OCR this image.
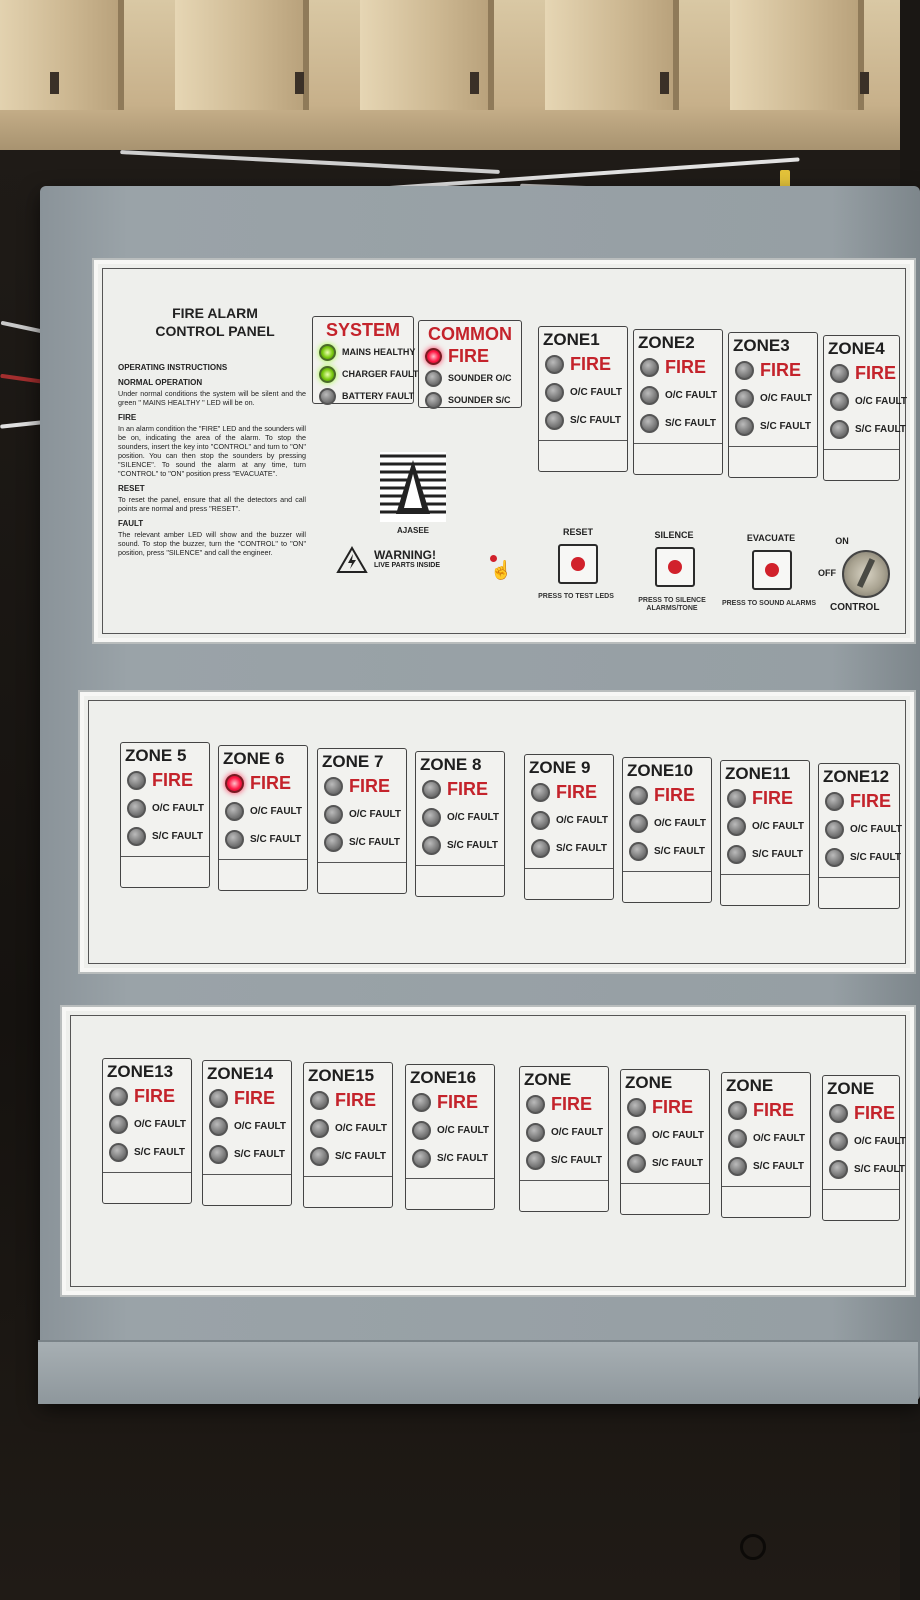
FIRE ALARM
CONTROL PANEL
OPERATING INSTRUCTIONS
NORMAL OPERATION

Under normal conditions the system will be silent and the green " MAINS HEALTHY " LED will be on.

FIRE

In an alarm condition the "FIRE" LED and the sounders will be on, indicating the area of the alarm. To stop the sounders, insert the key into "CONTROL" and turn to "ON" position. You can then stop the sounders by pressing "SILENCE". To sound the alarm at any time, turn "CONTROL" to "ON" position press "EVACUATE".

RESET

To reset the panel, ensure that all the detectors and call points are normal and press "RESET".

FAULT

The relevant amber LED will show and the buzzer will sound. To stop the buzzer, turn the "CONTROL" to "ON" position, press "SILENCE" and call the engineer.

SYSTEM
MAINS HEALTHY
CHARGER FAULT
BATTERY FAULT
COMMON
FIRE
SOUNDER O/C
SOUNDER S/C
ZONE1
FIRE
O/C FAULT
S/C FAULT
ZONE2
FIRE
O/C FAULT
S/C FAULT
ZONE3
FIRE
O/C FAULT
S/C FAULT
ZONE4
FIRE
O/C FAULT
S/C FAULT
ZONE 5
FIRE
O/C FAULT
S/C FAULT
ZONE 6
FIRE
O/C FAULT
S/C FAULT
ZONE 7
FIRE
O/C FAULT
S/C FAULT
ZONE 8
FIRE
O/C FAULT
S/C FAULT
ZONE 9
FIRE
O/C FAULT
S/C FAULT
ZONE10
FIRE
O/C FAULT
S/C FAULT
ZONE11
FIRE
O/C FAULT
S/C FAULT
ZONE12
FIRE
O/C FAULT
S/C FAULT
ZONE13
FIRE
O/C FAULT
S/C FAULT
ZONE14
FIRE
O/C FAULT
S/C FAULT
ZONE15
FIRE
O/C FAULT
S/C FAULT
ZONE16
FIRE
O/C FAULT
S/C FAULT
ZONE
FIRE
O/C FAULT
S/C FAULT
ZONE
FIRE
O/C FAULT
S/C FAULT
ZONE
FIRE
O/C FAULT
S/C FAULT
ZONE
FIRE
O/C FAULT
S/C FAULT
AJASEE
WARNING!
LIVE PARTS INSIDE	☝
RESET
PRESS TO TEST LEDS
SILENCE
PRESS TO SILENCE ALARMS/TONE
EVACUATE
PRESS TO SOUND ALARMS
ON
OFF
CONTROL
